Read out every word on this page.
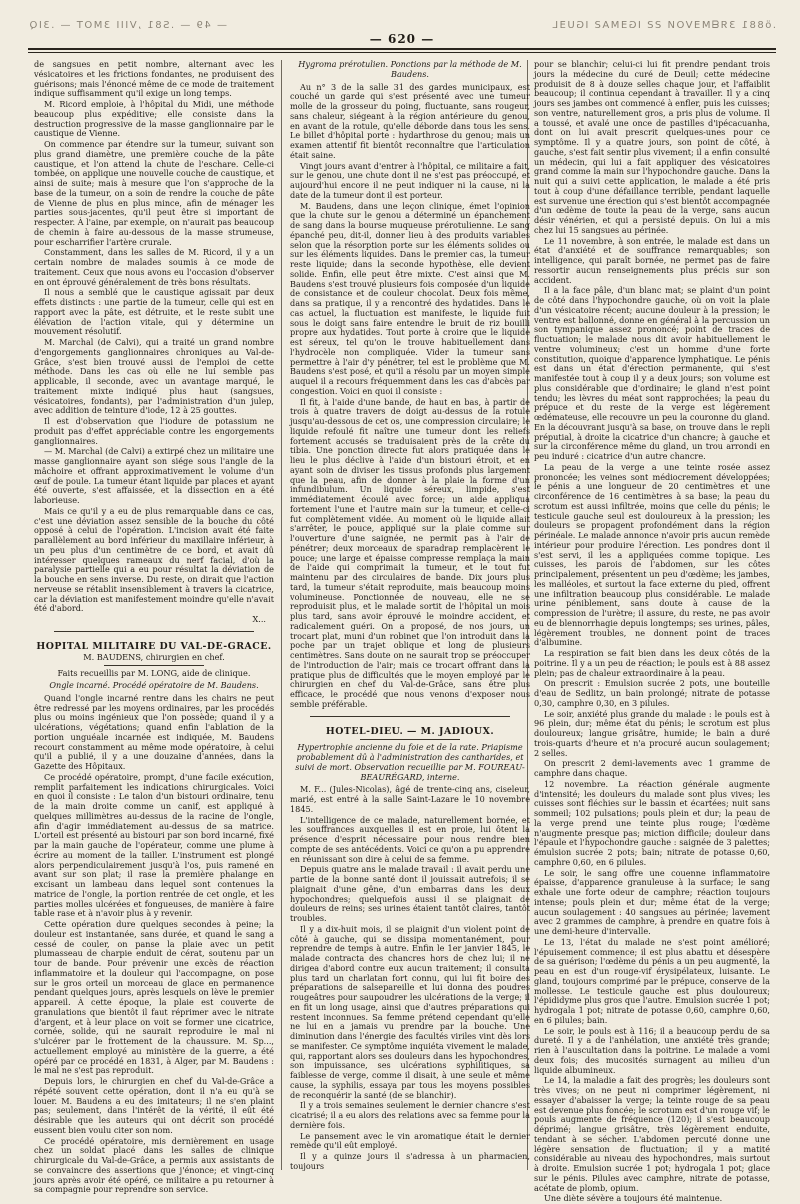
— 49 — .S81 ,VIII 3MOT — .3IQ	.ö881 3ЯᗺMƎVOИ ƧƧ IGƎMAƧ IGUƎL
— 620 —

de sangsues en petit nombre, alternant avec les vésicatoires et les frictions fondantes, ne produisent des guérisons; mais l'énoncé même de ce mode de traitement indique suffisamment qu'il exige un long temps.

M. Ricord emploie, à l'hôpital du Midi, une méthode beaucoup plus expéditive; elle consiste dans la destruction progressive de la masse ganglionnaire par le caustique de Vienne.

On commence par étendre sur la tumeur, suivant son plus grand diamètre, une première couche de la pâte caustique, et l'on attend la chute de l'eschare. Celle-ci tombée, on applique une nouvelle couche de caustique, et ainsi de suite; mais à mesure que l'on s'approche de la base de la tumeur, on a soin de rendre la couche de pâte de Vienne de plus en plus mince, afin de ménager les parties sous-jacentes, qu'il peut être si important de respecter. À l'aine, par exemple, on n'aurait pas beaucoup de chemin à faire au-dessous de la masse strumeuse, pour escharrifier l'artère crurale.

Constamment, dans les salles de M. Ricord, il y a un certain nombre de malades soumis à ce mode de traitement. Ceux que nous avons eu l'occasion d'observer en ont éprouvé généralement de très bons résultats.

Il nous a semblé que le caustique agissait par deux effets distincts : une partie de la tumeur, celle qui est en rapport avec la pâte, est détruite, et le reste subit une élévation de l'action vitale, qui y détermine un mouvement résolutif.

M. Marchal (de Calvi), qui a traité un grand nombre d'engorgements ganglionnaires chroniques au Val-de-Grâce, s'est bien trouvé aussi de l'emploi de cette méthode. Dans les cas où elle ne lui semble pas applicable, il seconde, avec un avantage marqué, le traitement mixte indiqué plus haut (sangsues, vésicatoires, fondants), par l'administration d'un julep, avec addition de teinture d'iode, 12 à 25 gouttes.

Il est d'observation que l'iodure de potassium ne produit pas d'effet appréciable contre les engorgements ganglionnaires.

— M. Marchal (de Calvi) a extirpé chez un militaire une masse ganglionnaire ayant son siége sous l'angle de la mâchoire et offrant approximativement le volume d'un œuf de poule. La tumeur étant liquide par places et ayant été ouverte, s'est affaissée, et la dissection en a été laborieuse.

Mais ce qu'il y a eu de plus remarquable dans ce cas, c'est une déviation assez sensible de la bouche du côté opposé à celui de l'opération. L'incision avait été faite parallèlement au bord inférieur du maxillaire inférieur, à un peu plus d'un centimètre de ce bord, et avait dû intéresser quelques rameaux du nerf facial, d'où la paralysie partielle qui a eu pour résultat la déviation de la bouche en sens inverse. Du reste, on dirait que l'action nerveuse se rétablit insensiblement à travers la cicatrice, car la déviation est manifestement moindre qu'elle n'avait été d'abord.

X...

HOPITAL MILITAIRE DU VAL-DE-GRACE.
M. BAUDENS, chirurgien en chef.
Faits recueillis par M. LONG, aide de clinique.
Ongle incarné. Procédé opératoire de M. Baudens.

Quand l'ongle incarné rentre dans les chairs ne peut être redressé par les moyens ordinaires, par les procédés plus ou moins ingénieux que l'on possède; quand il y a ulcérations, végétations; quand enfin l'ablation de la portion unguéale incarnée est indiquée, M. Baudens recourt constamment au même mode opératoire, à celui qu'il a publié, il y a une douzaine d'années, dans la Gazette des Hôpitaux.

Ce procédé opératoire, prompt, d'une facile exécution, remplit parfaitement les indications chirurgicales. Voici en quoi il consiste : Le talon d'un bistouri ordinaire, tenu de la main droite comme un canif, est appliqué à quelques millimètres au-dessus de la racine de l'ongle, afin d'agir immédiatement au-dessus de sa matrice. L'orteil est présenté au bistouri par son bord incarné, fixé par la main gauche de l'opérateur, comme une plume à écrire au moment de la tailler. L'instrument est plongé alors perpendiculairement jusqu'à l'os, puis ramené en avant sur son plat; il rase la première phalange en excisant un lambeau dans lequel sont contenues la matrice de l'ongle, la portion rentrée de cet ongle, et les parties molles ulcérées et fongueuses, de manière à faire table rase et à n'avoir plus à y revenir.

Cette opération dure quelques secondes à peine; la douleur est instantanée, sans durée, et quand le sang a cessé de couler, on panse la plaie avec un petit plumasseau de charpie enduit de cérat, soutenu par un tour de bande. Pour prévenir une excès de réaction inflammatoire et la douleur qui l'accompagne, on pose sur le gros orteil un morceau de glace en permanence pendant quelques jours, après lesquels on lève le premier appareil. À cette époque, la plaie est couverte de granulations que bientôt il faut réprimer avec le nitrate d'argent, et à leur place on voit se former une cicatrice, cornée, solide, qui ne saurait reproduire le mal ni s'ulcérer par le frottement de la chaussure. M. Sp..., actuellement employé au ministère de la guerre, a été opéré par ce procédé en 1831, à Alger, par M. Baudens : le mal ne s'est pas reproduit.

Depuis lors, le chirurgien en chef du Val-de-Grâce a répété souvent cette opération, dont il n'a eu qu'à se louer. M. Baudens a eu des imitateurs; il ne s'en plaint pas; seulement, dans l'intérêt de la vérité, il eût été désirable que les auteurs qui ont décrit son procédé eussent bien voulu citer son nom.

Ce procédé opératoire, mis dernièrement en usage chez un soldat placé dans les salles de clinique chirurgicale du Val-de-Grâce, a permis aux assistants de se convaincre des assertions que j'énonce; et vingt-cinq jours après avoir été opéré, ce militaire a pu retourner à sa compagnie pour reprendre son service.

Hygroma prérotulien. Ponctions par la méthode de M. Baudens.

Au n° 3 de la salle 31 des gardes municipaux, est couché un garde qui s'est présenté avec une tumeur molle de la grosseur du poing, fluctuante, sans rougeur, sans chaleur, siégeant à la région antérieure du genou, en avant de la rotule, qu'elle déborde dans tous les sens. Le billet d'hôpital porte : hydarthrose du genou; mais un examen attentif fit bientôt reconnaître que l'articulation était saine.

Vingt jours avant d'entrer à l'hôpital, ce militaire a fait, sur le genou, une chute dont il ne s'est pas préoccupé, et aujourd'hui encore il ne peut indiquer ni la cause, ni la date de la tumeur dont il est porteur.

M. Baudens, dans une leçon clinique, émet l'opinion que la chute sur le genou a déterminé un épanchement de sang dans la bourse muqueuse prérotulienne. Le sang épanché peu, dit-il, donner lieu à des produits variables selon que la résorption porte sur les éléments solides ou sur les éléments liquides. Dans le premier cas, la tumeur reste liquide; dans la seconde hypothèse, elle devient solide. Enfin, elle peut être mixte. C'est ainsi que M. Baudens s'est trouvé plusieurs fois composée d'un liquide de consistance et de couleur chocolat. Deux fois même, dans sa pratique, il y a rencontré des hydatides. Dans le cas actuel, la fluctuation est manifeste, le liquide fuit sous le doigt sans faire entendre le bruit de riz bouilli propre aux hydatides. Tout porte à croire que le liquide est séreux, tel qu'on le trouve habituellement dans l'hydrocèle non compliquée. Vider la tumeur sans permettre à l'air d'y pénétrer, tel est le problème que M. Baudens s'est posé, et qu'il a résolu par un moyen simple auquel il a recours fréquemment dans les cas d'abcès par congestion. Voici en quoi il consiste :

Il fit, à l'aide d'une bande, de haut en bas, à partir de trois à quatre travers de doigt au-dessus de la rotule jusqu'au-dessous de cet os, une compression circulaire; le liquide refoulé fit naître une tumeur dont les reliefs fortement accusés se traduisaient près de la crête du tibia. Une ponction directe fut alors pratiquée dans le lieu le plus déclive à l'aide d'un bistouri étroit, et en ayant soin de diviser les tissus profonds plus largement que la peau, afin de donner à la plaie la forme d'un infundibulum. Un liquide séreux, limpide, s'est immédiatement écoulé avec force; un aide appliqua fortement l'une et l'autre main sur la tumeur, et celle-ci fut complètement vidée. Au moment où le liquide allait s'arrêter, le pouce, appliqué sur la plaie comme sur l'ouverture d'une saignée, ne permit pas à l'air de pénétrer; deux morceaux de sparadrap remplacèrent le pouce; une large et épaisse compresse remplaça la main de l'aide qui comprimait la tumeur, et le tout fut maintenu par des circulaires de bande. Dix jours plus tard, la tumeur s'était reproduite, mais beaucoup moins volumineuse. Ponctionnée de nouveau, elle ne se reproduisit plus, et le malade sortit de l'hôpital un mois plus tard, sans avoir éprouvé le moindre accident, et radicalement guéri. On a proposé, de nos jours, un trocart plat, muni d'un robinet que l'on introduit dans la poche par un trajet oblique et long de plusieurs centimètres. Sans doute on ne saurait trop se préoccuper de l'introduction de l'air; mais ce trocart offrant dans la pratique plus de difficultés que le moyen employé par le chirurgien en chef du Val-de-Grâce, sans être plus efficace, le procédé que nous venons d'exposer nous semble préférable.

HOTEL-DIEU. — M. JADIOUX.
Hypertrophie ancienne du foie et de la rate. Priapisme probablement dû à l'administration des cantharides, et suivi de mort. Observation recueillie par M. FOUREAU-BEAURÉGARD, interne.

M. F... (Jules-Nicolas), âgé de trente-cinq ans, ciseleur, marié, est entré à la salle Saint-Lazare le 10 novembre 1845.

L'intelligence de ce malade, naturellement bornée, et les souffrances auxquelles il est en proie, lui ôtent la présence d'esprit nécessaire pour nous rendre bien compte de ses antécédents. Voici ce qu'on a pu apprendre en réunissant son dire à celui de sa femme.

Depuis quatre ans le malade travail : il avait perdu une partie de la bonne santé dont il jouissait autrefois; il se plaignait d'une gêne, d'un embarras dans les deux hypochondres; quelquefois aussi il se plaignait de douleurs de reins; ses urines étaient tantôt claires, tantôt troubles.

Il y a dix-huit mois, il se plaignit d'un violent point de côté à gauche, qui se dissipa momentanément, pour reprendre de temps à autre. Enfin le 1er janvier 1845, le malade contracta des chancres hors de chez lui; il ne dirigea d'abord contre eux aucun traitement; il consulta plus tard un charlatan fort connu, qui lui fit boire des préparations de salsepareille et lui donna des poudres rougeâtres pour saupoudrer les ulcérations de la verge; il en fit un long usage, ainsi que d'autres préparations qui restent inconnues. Sa femme prétend cependant qu'elle ne lui en a jamais vu prendre par la bouche. Une diminution dans l'énergie des facultés viriles vint dès lors se manifester. Ce symptôme inquiéta vivement le malade, qui, rapportant alors ses douleurs dans les hypochondres, son impuissance, ses ulcérations syphilitiques, sa faiblesse de verge, comme il disait, à une seule et même cause, la syphilis, essaya par tous les moyens possibles de reconquérir la santé (de se blanchir).

Il y a trois semaines seulement le dernier chancre s'est cicatrisé; il a eu alors des relations avec sa femme pour la dernière fois.

Le pansement avec le vin aromatique était le dernier remède qu'il eût employé.

Il y a quinze jours il s'adressa à un pharmacien, toujours

pour se blanchir; celui-ci lui fit prendre pendant trois jours la médecine du curé de Deuil; cette médecine produisit de 8 à douze selles chaque jour, et l'affaiblit beaucoup; il continua cependant à travailler. Il y a cinq jours ses jambes ont commencé à enfler, puis les cuisses; son ventre, naturellement gros, a pris plus de volume. Il a toussé, et avalé une once de pastilles d'ipécacuanha, dont on lui avait prescrit quelques-unes pour ce symptôme. Il y a quatre jours, son point de côté, à gauche, s'est fait sentir plus vivement; il a enfin consulté un médecin, qui lui a fait appliquer des vésicatoires grand comme la main sur l'hypochondre gauche. Dans la nuit qui a suivi cette application, le malade a été pris tout à coup d'une défaillance terrible, pendant laquelle est survenue une érection qui s'est bientôt accompagnée d'un œdème de toute la peau de la verge, sans aucun désir vénérien, et qui a persisté depuis. On lui a mis chez lui 15 sangsues au périnée.

Le 11 novembre, à son entrée, le malade est dans un état d'anxiété et de souffrance remarquables; son intelligence, qui paraît bornée, ne permet pas de faire ressortir aucun renseignements plus précis sur son accident.

Il a la face pâle, d'un blanc mat; se plaint d'un point de côté dans l'hypochondre gauche, où on voit la plaie d'un vésicatoire récent; aucune douleur à la pression; le ventre est ballonné, donne en général à la percussion un son tympanique assez prononcé; point de traces de fluctuation; le malade nous dit avoir habituellement le ventre volumineux; c'est un homme d'une forte constitution, quoique d'apparence lymphatique. Le pénis est dans un état d'érection permanente, qui s'est manifestée tout à coup il y a deux jours; son volume est plus considérable que d'ordinaire; le gland n'est point tendu; les lèvres du méat sont rapprochées; la peau du prépuce et du reste de la verge est légèrement œdémateuse, elle recouvre un peu la couronne du gland. En la découvrant jusqu'à sa base, on trouve dans le repli préputial, à droite la cicatrice d'un chancre; à gauche et sur la circonférence même du gland, un trou arrondi en peu induré : cicatrice d'un autre chancre.

La peau de la verge a une teinte rosée assez prononcée; les veines sont médiocrement développées; le pénis a une longueur de 20 centimètres et une circonférence de 16 centimètres à sa base; la peau du scrotum est aussi infiltrée, moins que celle du pénis; le testicule gauche seul est douloureux à la pression; les douleurs se propagent profondément dans la région périnéale. Le malade annonce n'avoir pris aucun remède intérieur pour produire l'érection. Les pondres dont il s'est servi, il les a appliquées comme topique. Les cuisses, les parois de l'abdomen, sur les côtes principalement, présentent un peu d'œdème; les jambes, les malléoles, et surtout la face externe du pied, offrent une infiltration beaucoup plus considérable. Le malade urine péniblement, sans doute à cause de la compression de l'urètre; il assure, du reste, ne pas avoir eu de blennorrhagie depuis longtemps; ses urines, pâles, légèrement troubles, ne donnent point de traces d'albumine.

La respiration se fait bien dans les deux côtés de la poitrine. Il y a un peu de réaction; le pouls est à 88 assez plein; pas de chaleur extraordinaire à la peau.

On prescrit : Emulsion sucrée 2 pots, une bouteille d'eau de Sedlitz, un bain prolongé; nitrate de potasse 0,30, camphre 0,30, en 3 pilules.

Le soir, anxiété plus grande du malade : le pouls est à 96 plein, dur; même état du pénis; le scrotum est plus douloureux; langue grisâtre, humide; le bain a duré trois-quarts d'heure et n'a procuré aucun soulagement; 2 selles.

On prescrit 2 demi-lavements avec 1 gramme de camphre dans chaque.

12 novembre. La réaction générale augmente d'intensité; les douleurs du malade sont plus vives; les cuisses sont fléchies sur le bassin et écartées; nuit sans sommeil; 102 pulsations; pouls plein et dur; la peau de la verge prend une teinte plus rouge; l'œdème n'augmente presque pas; miction difficile; douleur dans l'épaule et l'hypochondre gauche : saignée de 3 palettes; émulsion sucrée 2 pots; bain; nitrate de potasse 0,60, camphre 0,60, en 6 pilules.

Le soir, le sang offre une couenne inflammatoire épaisse, d'apparence granuleuse à la surface; le sang exhale une forte odeur de camphre; réaction toujours intense; pouls plein et dur; même état de la verge; aucun soulagement : 40 sangsues au périnée; lavement avec 2 grammes de camphre, à prendre en quatre fois à une demi-heure d'intervalle.

Le 13, l'état du malade ne s'est point amélioré; l'épuisement commence; il est plus abattu et désespère de sa guérison; l'œdème du pénis a un peu augmenté, la peau en est d'un rouge-vif érysipélateux, luisante. Le gland, toujours comprimé par le prépuce, conserve de la mollesse. Le testicule gauche est plus douloureux; l'épididyme plus gros que l'autre. Emulsion sucrée 1 pot; hydrogala 1 pot; nitrate de potasse 0,60, camphre 0,60, en 6 pilules; bain.

Le soir, le pouls est à 116; il a beaucoup perdu de sa dureté. Il y a de l'anhélation, une anxiété très grande; rien à l'auscultation dans la poitrine. Le malade a vomi deux fois; des mucosités surnagent au milieu d'un liquide albumineux.

Le 14, la maladie a fait des progrès; les douleurs sont très vives; on ne peut ni comprimer légèrement, ni essayer d'abaisser la verge; la teinte rouge de sa peau est devenue plus foncée; le scrotum est d'un rouge vif; le pouls augmente de fréquence (120); il s'est beaucoup déprimé; langue grisâtre, très légèrement enduite, tendant à se sécher. L'abdomen percuté donne une légère sensation de fluctuation; il y a matité considérable au niveau des hypochondres, mais surtout à droite. Emulsion sucrée 1 pot; hydrogala 1 pot; glace sur le pénis. Pilules avec camphre, nitrate de potasse, acétate de plomb, opium.

Une diète sévère a toujours été maintenue.
